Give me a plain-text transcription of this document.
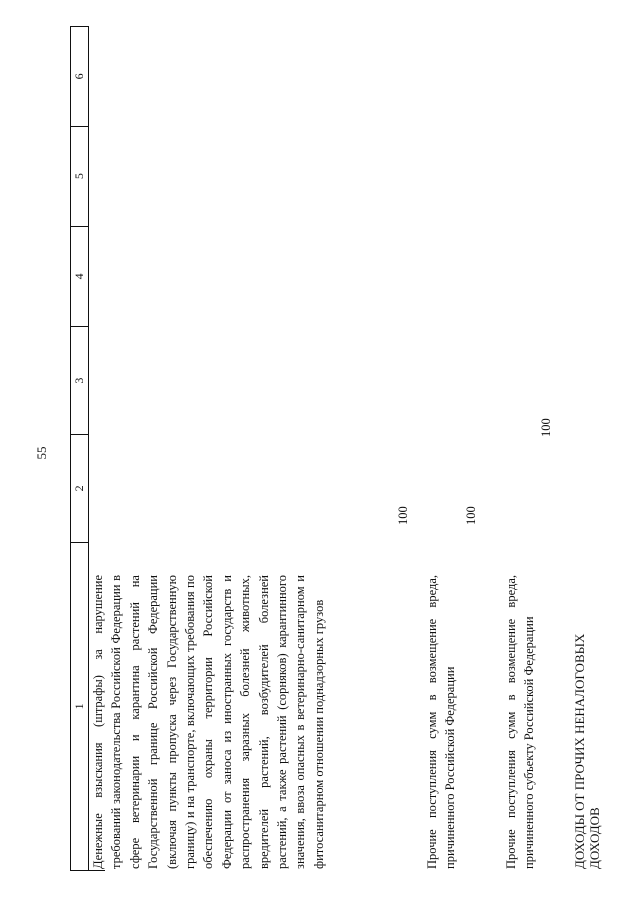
55
1
2
3
4
5
6
Денежные взыскания (штрафы) за нарушение требований законодательства Российской Федерации в сфере ветеринарии и карантина растений на Государственной границе Российской Федерации (включая пункты пропуска через Государственную границу) и на транспорте, включающих требования по обеспечению охраны территории Российской Федерации от заноса из иностранных государств и распространения заразных болезней животных, вредителей растений, возбудителей болезней растений, а также растений (сорняков) карантинного значения, ввоза опасных в ветеринарно-санитарном и фитосанитарном отношении поднадзорных грузов
100
Прочие поступления сумм в возмещение вреда, причиненного Российской Федерации
100
Прочие поступления сумм в возмещение вреда, причиненного субъекту Российской Федерации
100
ДОХОДЫ ОТ ПРОЧИХ НЕНАЛОГОВЫХ ДОХОДОВ
